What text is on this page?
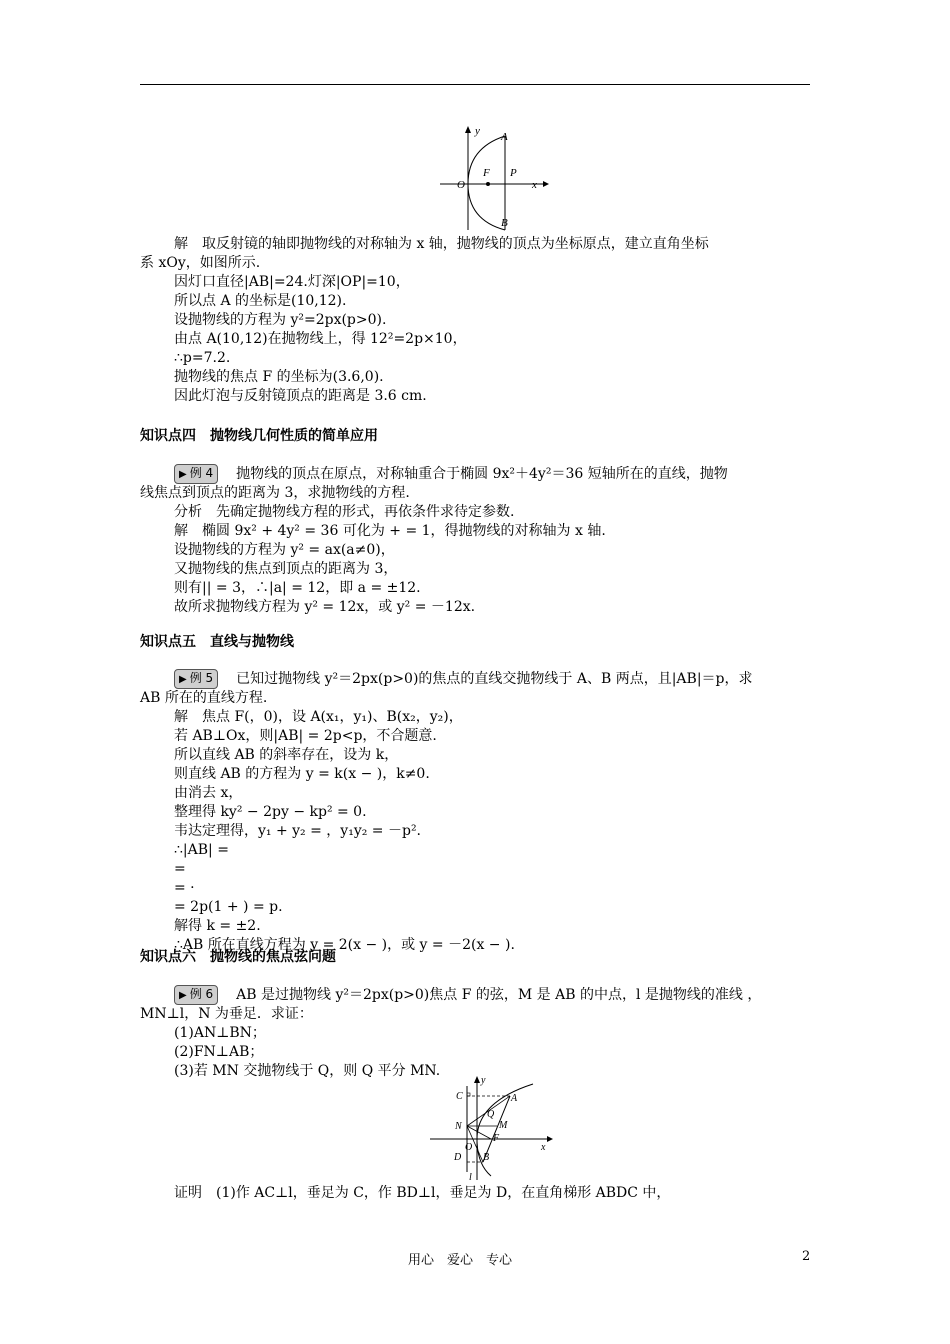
y A
F P
O	x
B
解　取反射镜的轴即抛物线的对称轴为 x 轴，抛物线的顶点为坐标原点，建立直角坐标
系 xOy，如图所示.
因灯口直径|AB|=24.灯深|OP|=10，
所以点 A 的坐标是(10,12).
设抛物线的方程为 y²=2px(p>0).
由点 A(10,12)在抛物线上，得 12²=2p×10，
∴p=7.2.
抛物线的焦点 F 的坐标为(3.6,0).
因此灯泡与反射镜顶点的距离是 3.6 cm.
知识点四　抛物线几何性质的简单应用
▶ 例 4 抛物线的顶点在原点，对称轴重合于椭圆 9x²＋4y²＝36 短轴所在的直线，抛物
线焦点到顶点的距离为 3，求抛物线的方程.
分析　先确定抛物线方程的形式，再依条件求待定参数.
解　椭圆 9x² + 4y² = 36 可化为 + = 1，得抛物线的对称轴为 x 轴.
设抛物线的方程为 y² = ax(a≠0)，
又抛物线的焦点到顶点的距离为 3，
则有|| = 3，∴|a| = 12，即 a = ±12.
故所求抛物线方程为 y² = 12x，或 y² = －12x.
知识点五　直线与抛物线
▶ 例 5 已知过抛物线 y²＝2px(p>0)的焦点的直线交抛物线于 A、B 两点，且|AB|＝p，求
AB 所在的直线方程.
解　焦点 F(，0)，设 A(x₁，y₁)、B(x₂，y₂)，
若 AB⊥Ox，则|AB| = 2p<p，不合题意.
所以直线 AB 的斜率存在，设为 k，
则直线 AB 的方程为 y = k(x − )，k≠0.
由消去 x，
整理得 ky² − 2py − kp² = 0.
韦达定理得，y₁ + y₂ = ，y₁y₂ = －p².
∴|AB| =
=
= ·
= 2p(1 + ) = p.
解得 k = ±2.
∴AB 所在直线方程为 y = 2(x − )，或 y = －2(x − ).
知识点六　抛物线的焦点弦问题
▶ 例 6 AB 是过抛物线 y²＝2px(p>0)焦点 F 的弦，M 是 AB 的中点，l 是抛物线的准线 ，
MN⊥l，N 为垂足．求证：
(1)AN⊥BN；
(2)FN⊥AB；
(3)若 MN 交抛物线于 Q，则 Q 平分 MN.
C
y
A
Q
N	M
F
O
D B
x
l
证明　(1)作 AC⊥l，垂足为 C，作 BD⊥l，垂足为 D，在直角梯形 ABDC 中，
用心　爱心　专心	2
